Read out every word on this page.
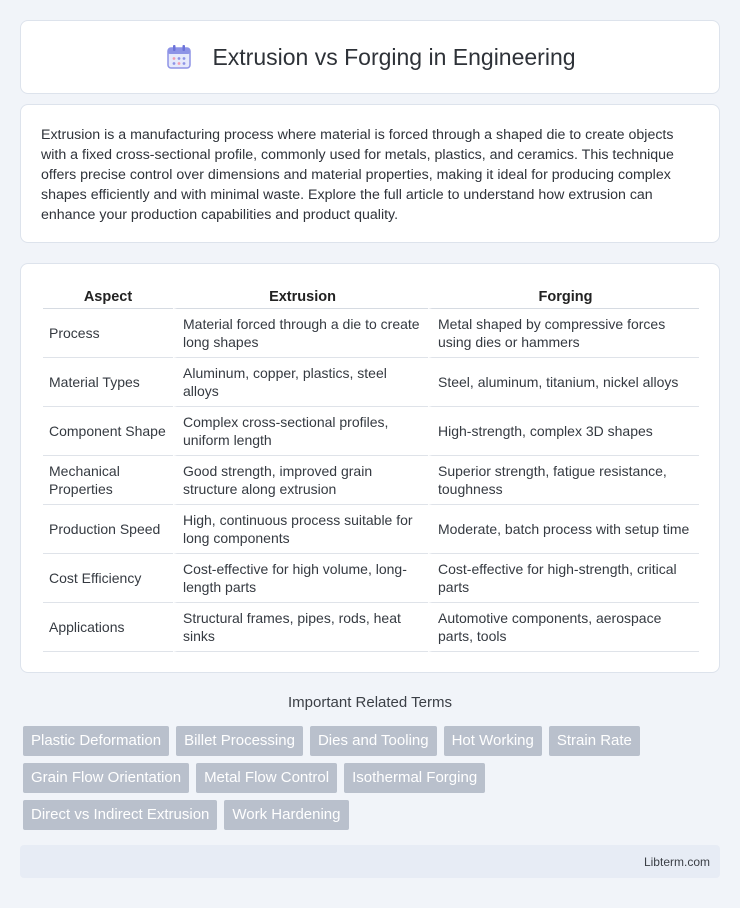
Extrusion vs Forging in Engineering

Extrusion is a manufacturing process where material is forced through a shaped die to create objects with a fixed cross-sectional profile, commonly used for metals, plastics, and ceramics. This technique offers precise control over dimensions and material properties, making it ideal for producing complex shapes efficiently and with minimal waste. Explore the full article to understand how extrusion can enhance your production capabilities and product quality.

Aspect	Extrusion	Forging
Process	Material forced through a die to create long shapes	Metal shaped by compressive forces using dies or hammers
Material Types	Aluminum, copper, plastics, steel alloys	Steel, aluminum, titanium, nickel alloys
Component Shape	Complex cross-sectional profiles, uniform length	High-strength, complex 3D shapes
Mechanical Properties	Good strength, improved grain structure along extrusion	Superior strength, fatigue resistance, toughness
Production Speed	High, continuous process suitable for long components	Moderate, batch process with setup time
Cost Efficiency	Cost-effective for high volume, long-length parts	Cost-effective for high-strength, critical parts
Applications	Structural frames, pipes, rods, heat sinks	Automotive components, aerospace parts, tools
Important Related Terms
Plastic Deformation	Billet Processing	Dies and Tooling	Hot Working	Strain Rate
Grain Flow Orientation	Metal Flow Control	Isothermal Forging
Direct vs Indirect Extrusion	Work Hardening
Libterm.com
